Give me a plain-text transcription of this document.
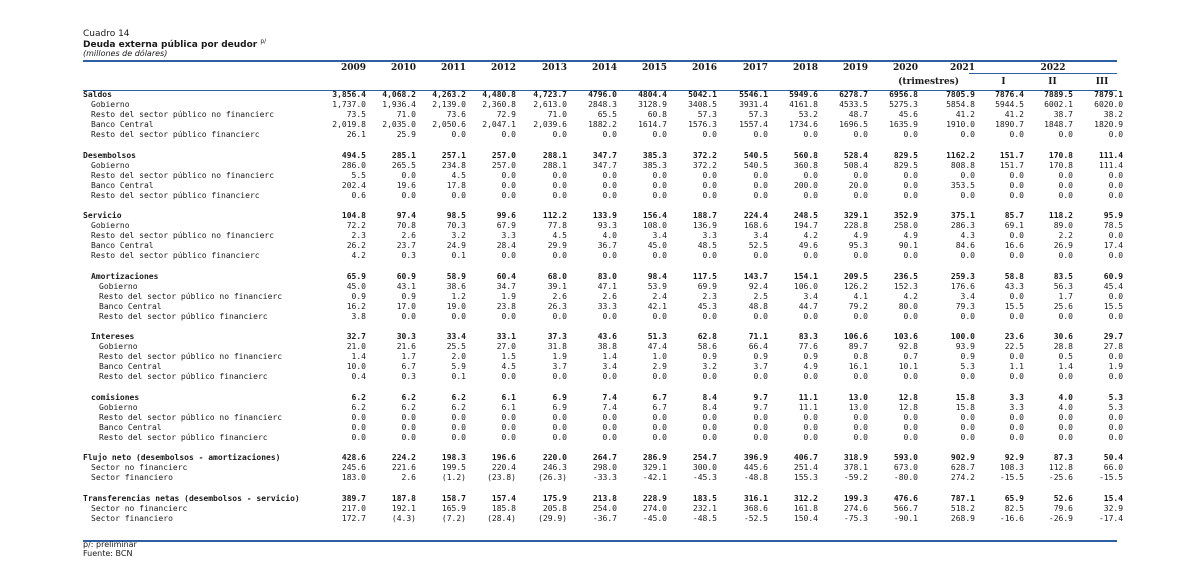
Cuadro 14
Deuda externa pública por deudor $^{p/}$
(millones de dólares)
	2009	2010	2011	2012	2013	2014	2015	2016	2017	2018	2019	2020	2021	2022		
(trimestres)														I	II	III

Saldos	3,856.4	4,068.2	4,263.2	4,480.8	4,723.7	4796.0	4804.4	5042.1	5546.1	5949.6	6278.7	6956.8	7805.9	7876.4	7889.5	7879.1
Gobierno	1,737.0	1,936.4	2,139.0	2,360.8	2,613.0	2848.3	3128.9	3408.5	3931.4	4161.8	4533.5	5275.3	5854.8	5944.5	6002.1	6020.0
Resto del sector público no financierc	73.5	71.0	73.6	72.9	71.0	65.5	60.8	57.3	57.3	53.2	48.7	45.6	41.2	41.2	38.7	38.2
Banco Central	2,019.8	2,035.0	2,050.6	2,047.1	2,039.6	1882.2	1614.7	1576.3	1557.4	1734.6	1696.5	1635.9	1910.0	1890.7	1848.7	1820.9
Resto del sector público financierc	26.1	25.9	0.0	0.0	0.0	0.0	0.0	0.0	0.0	0.0	0.0	0.0	0.0	0.0	0.0	0.0

Desembolsos	494.5	285.1	257.1	257.0	288.1	347.7	385.3	372.2	540.5	560.8	528.4	829.5	1162.2	151.7	170.8	111.4
Gobierno	286.0	265.5	234.8	257.0	288.1	347.7	385.3	372.2	540.5	360.8	508.4	829.5	808.8	151.7	170.8	111.4
Resto del sector público no financierc	5.5	0.0	4.5	0.0	0.0	0.0	0.0	0.0	0.0	0.0	0.0	0.0	0.0	0.0	0.0	0.0
Banco Central	202.4	19.6	17.8	0.0	0.0	0.0	0.0	0.0	0.0	200.0	20.0	0.0	353.5	0.0	0.0	0.0
Resto del sector público financierc	0.6	0.0	0.0	0.0	0.0	0.0	0.0	0.0	0.0	0.0	0.0	0.0	0.0	0.0	0.0	0.0

Servicio	104.8	97.4	98.5	99.6	112.2	133.9	156.4	188.7	224.4	248.5	329.1	352.9	375.1	85.7	118.2	95.9
Gobierno	72.2	70.8	70.3	67.9	77.8	93.3	108.0	136.9	168.6	194.7	228.8	258.0	286.3	69.1	89.0	78.5
Resto del sector público no financierc	2.3	2.6	3.2	3.3	4.5	4.0	3.4	3.3	3.4	4.2	4.9	4.9	4.3	0.0	2.2	0.0
Banco Central	26.2	23.7	24.9	28.4	29.9	36.7	45.0	48.5	52.5	49.6	95.3	90.1	84.6	16.6	26.9	17.4
Resto del sector público financierc	4.2	0.3	0.1	0.0	0.0	0.0	0.0	0.0	0.0	0.0	0.0	0.0	0.0	0.0	0.0	0.0

Amortizaciones	65.9	60.9	58.9	60.4	68.0	83.0	98.4	117.5	143.7	154.1	209.5	236.5	259.3	58.8	83.5	60.9
Gobierno	45.0	43.1	38.6	34.7	39.1	47.1	53.9	69.9	92.4	106.0	126.2	152.3	176.6	43.3	56.3	45.4
Resto del sector público no financierc	0.9	0.9	1.2	1.9	2.6	2.6	2.4	2.3	2.5	3.4	4.1	4.2	3.4	0.0	1.7	0.0
Banco Central	16.2	17.0	19.0	23.8	26.3	33.3	42.1	45.3	48.8	44.7	79.2	80.0	79.3	15.5	25.6	15.5
Resto del sector público financierc	3.8	0.0	0.0	0.0	0.0	0.0	0.0	0.0	0.0	0.0	0.0	0.0	0.0	0.0	0.0	0.0

Intereses	32.7	30.3	33.4	33.1	37.3	43.6	51.3	62.8	71.1	83.3	106.6	103.6	100.0	23.6	30.6	29.7
Gobierno	21.0	21.6	25.5	27.0	31.8	38.8	47.4	58.6	66.4	77.6	89.7	92.8	93.9	22.5	28.8	27.8
Resto del sector público no financierc	1.4	1.7	2.0	1.5	1.9	1.4	1.0	0.9	0.9	0.9	0.8	0.7	0.9	0.0	0.5	0.0
Banco Central	10.0	6.7	5.9	4.5	3.7	3.4	2.9	3.2	3.7	4.9	16.1	10.1	5.3	1.1	1.4	1.9
Resto del sector público financierc	0.4	0.3	0.1	0.0	0.0	0.0	0.0	0.0	0.0	0.0	0.0	0.0	0.0	0.0	0.0	0.0

comisiones	6.2	6.2	6.2	6.1	6.9	7.4	6.7	8.4	9.7	11.1	13.0	12.8	15.8	3.3	4.0	5.3
Gobierno	6.2	6.2	6.2	6.1	6.9	7.4	6.7	8.4	9.7	11.1	13.0	12.8	15.8	3.3	4.0	5.3
Resto del sector público no financierc	0.0	0.0	0.0	0.0	0.0	0.0	0.0	0.0	0.0	0.0	0.0	0.0	0.0	0.0	0.0	0.0
Banco Central	0.0	0.0	0.0	0.0	0.0	0.0	0.0	0.0	0.0	0.0	0.0	0.0	0.0	0.0	0.0	0.0
Resto del sector público financierc	0.0	0.0	0.0	0.0	0.0	0.0	0.0	0.0	0.0	0.0	0.0	0.0	0.0	0.0	0.0	0.0

Flujo neto (desembolsos - amortizaciones)	428.6	224.2	198.3	196.6	220.0	264.7	286.9	254.7	396.9	406.7	318.9	593.0	902.9	92.9	87.3	50.4
Sector no financierc	245.6	221.6	199.5	220.4	246.3	298.0	329.1	300.0	445.6	251.4	378.1	673.0	628.7	108.3	112.8	66.0
Sector financiero	183.0	2.6	(1.2)	(23.8)	(26.3)	-33.3	-42.1	-45.3	-48.8	155.3	-59.2	-80.0	274.2	-15.5	-25.6	-15.5

Transferencias netas (desembolsos - servicio)	389.7	187.8	158.7	157.4	175.9	213.8	228.9	183.5	316.1	312.2	199.3	476.6	787.1	65.9	52.6	15.4
Sector no financierc	217.0	192.1	165.9	185.8	205.8	254.0	274.0	232.1	368.6	161.8	274.6	566.7	518.2	82.5	79.6	32.9
Sector financiero	172.7	(4.3)	(7.2)	(28.4)	(29.9)	-36.7	-45.0	-48.5	-52.5	150.4	-75.3	-90.1	268.9	-16.6	-26.9	-17.4
p/: preliminar
Fuente: BCN
